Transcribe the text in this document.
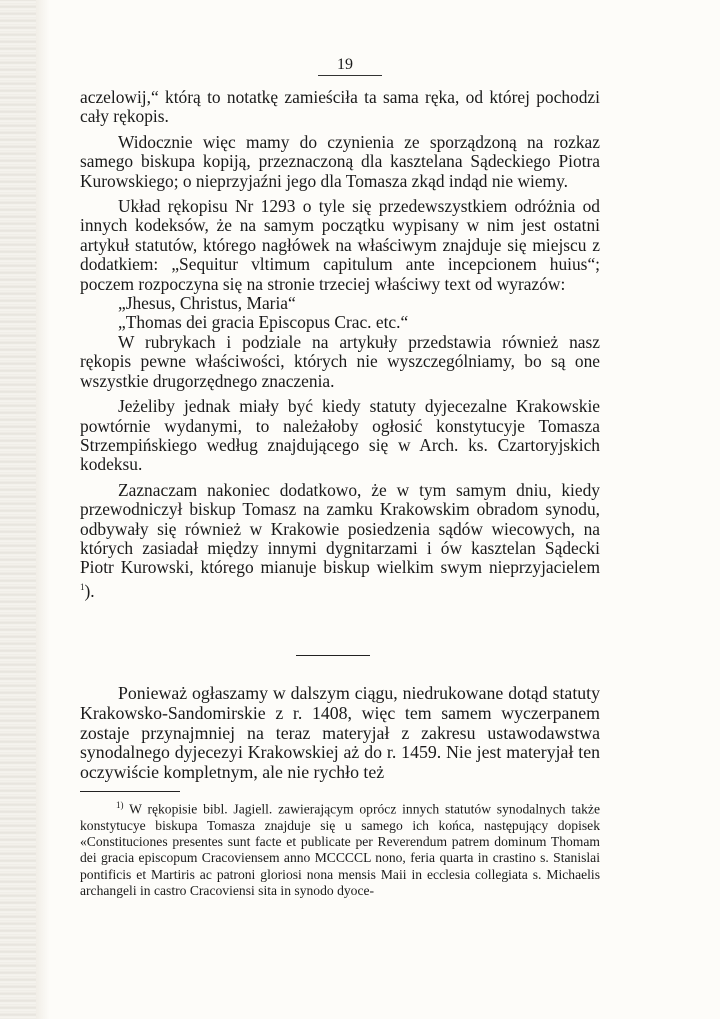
19

aczelowij,“ którą to notatkę zamieściła ta sama ręka, od której pochodzi cały rękopis.

Widocznie więc mamy do czynienia ze sporządzoną na rozkaz samego biskupa kopiją, przeznaczoną dla kasztelana Sądeckiego Piotra Kurowskiego; o nieprzyjaźni jego dla Tomasza zkąd indąd nie wiemy.

Układ rękopisu Nr 1293 o tyle się przedewszystkiem odróżnia od innych kodeksów, że na samym początku wypisany w nim jest ostatni artykuł statutów, którego nagłówek na właściwym znajduje się miejscu z dodatkiem: „Sequitur vltimum capitulum ante incepcionem huius“; poczem rozpoczyna się na stronie trzeciej właściwy text od wyrazów:

„Jhesus, Christus, Maria“

„Thomas dei gracia Episcopus Crac. etc.“

W rubrykach i podziale na artykuły przedstawia również nasz rękopis pewne właściwości, których nie wyszczególniamy, bo są one wszystkie drugorzędnego znaczenia.

Jeżeliby jednak miały być kiedy statuty dyjecezalne Krakowskie powtórnie wydanymi, to należałoby ogłosić konstytucyje Tomasza Strzempińskiego według znajdującego się w Arch. ks. Czartoryjskich kodeksu.

Zaznaczam nakoniec dodatkowo, że w tym samym dniu, kiedy przewodniczył biskup Tomasz na zamku Krakowskim obradom synodu, odbywały się również w Krakowie posiedzenia sądów wiecowych, na których zasiadał między innymi dygnitarzami i ów kasztelan Sądecki Piotr Kurowski, którego mianuje biskup wielkim swym nieprzyjacielem $^1$).

Ponieważ ogłaszamy w dalszym ciągu, niedrukowane dotąd statuty Krakowsko-Sandomirskie z r. 1408, więc tem samem wyczerpanem zostaje przynajmniej na teraz materyjał z zakresu ustawodawstwa synodalnego dyjecezyi Krakowskiej aż do r. 1459. Nie jest materyjał ten oczywiście kompletnym, ale nie rychło też

$^{1)}$ W rękopisie bibl. Jagiell. zawierającym oprócz innych statutów synodalnych także konstytucye biskupa Tomasza znajduje się u samego ich końca, następujący dopisek «Constituciones presentes sunt facte et publicate per Reverendum patrem dominum Thomam dei gracia episcopum Cracoviensem anno MCCCCL nono, feria quarta in crastino s. Stanislai pontificis et Martiris ac patroni gloriosi nona mensis Maii in ecclesia collegiata s. Michaelis archangeli in castro Cracoviensi sita in synodo dyoce-
